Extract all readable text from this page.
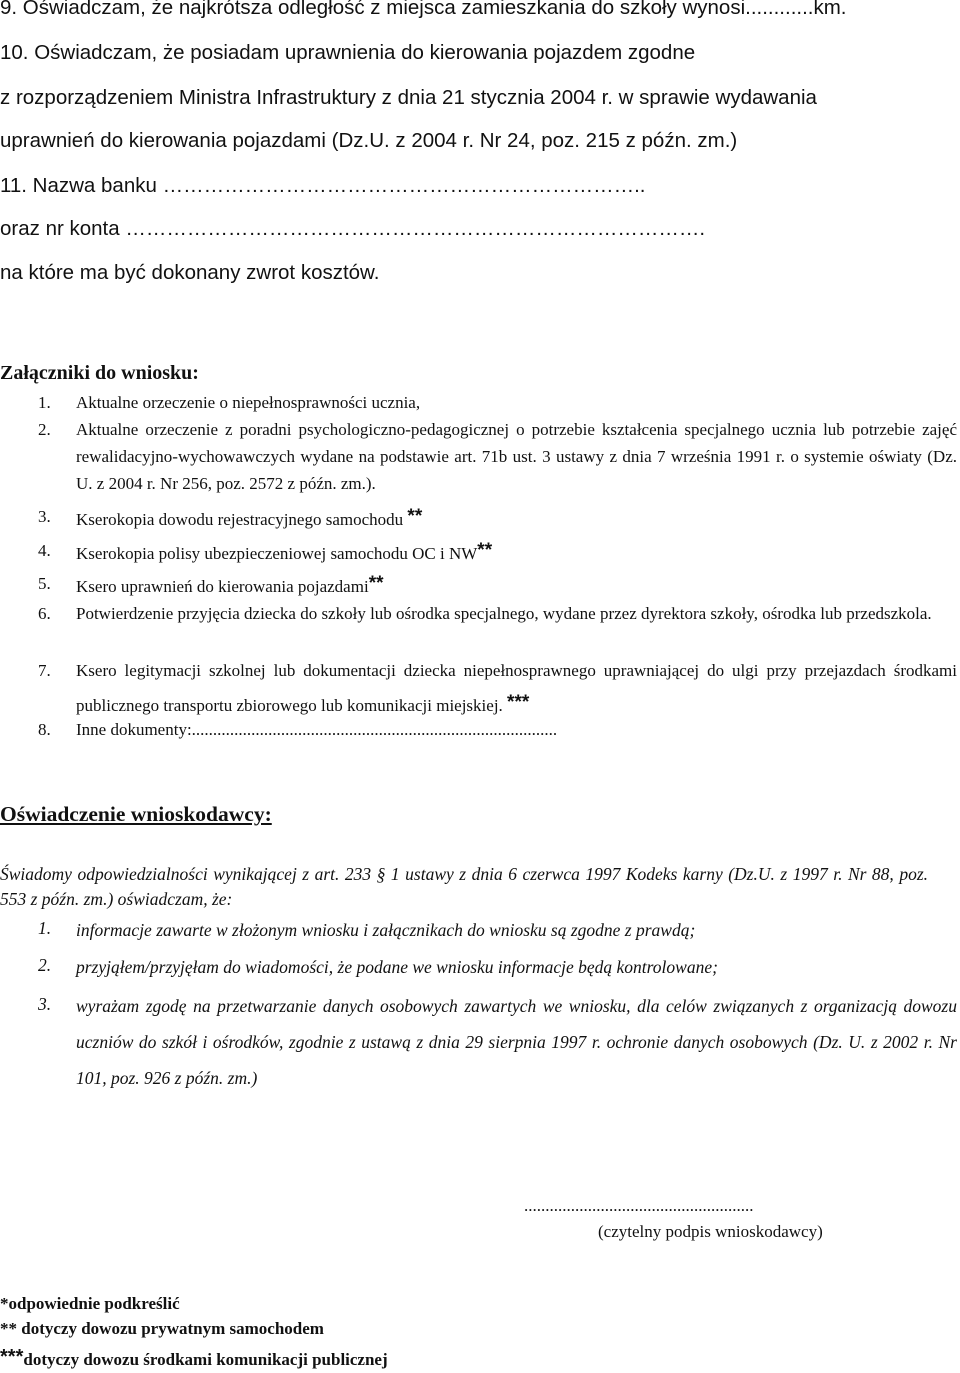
9. Oświadczam, że najkrótsza odległość z miejsca zamieszkania do szkoły wynosi............km.
10. Oświadczam, że posiadam uprawnienia do kierowania pojazdem zgodne
z rozporządzeniem Ministra Infrastruktury z dnia 21 stycznia 2004 r. w sprawie wydawania
uprawnień do kierowania pojazdami (Dz.U. z 2004 r. Nr 24, poz. 215 z późn. zm.)
11. Nazwa banku ……………………………………………………………..
oraz nr konta ………………………………………………………………………….
na które ma być dokonany zwrot kosztów.
Załączniki do wniosku:
1. Aktualne orzeczenie o niepełnosprawności ucznia,
2. Aktualne orzeczenie z poradni psychologiczno-pedagogicznej o potrzebie kształcenia specjalnego ucznia lub potrzebie zajęć rewalidacyjno-wychowawczych wydane na podstawie art. 71b ust. 3 ustawy z dnia 7 września 1991 r. o systemie oświaty (Dz. U. z 2004 r. Nr 256, poz. 2572 z późn. zm.).
3. Kserokopia dowodu rejestracyjnego samochodu **
4. Kserokopia polisy ubezpieczeniowej samochodu OC i NW**
5. Ksero uprawnień do kierowania pojazdami**
6. Potwierdzenie przyjęcia dziecka do szkoły lub ośrodka specjalnego, wydane przez dyrektora szkoły, ośrodka lub przedszkola.
7. Ksero legitymacji szkolnej lub dokumentacji dziecka niepełnosprawnego uprawniającej do ulgi przy przejazdach środkami publicznego transportu zbiorowego lub komunikacji miejskiej. ***
8. Inne dokumenty:......................................................................................
Oświadczenie wnioskodawcy:
Świadomy odpowiedzialności wynikającej z art. 233 § 1 ustawy z dnia 6 czerwca 1997 Kodeks karny (Dz.U. z 1997 r. Nr 88, poz. 553 z późn. zm.) oświadczam, że:
1. informacje zawarte w złożonym wniosku i załącznikach do wniosku są zgodne z prawdą;
2. przyjąłem/przyjęłam do wiadomości, że podane we wniosku informacje będą kontrolowane;
3. wyrażam zgodę na przetwarzanie danych osobowych zawartych we wniosku, dla celów związanych z organizacją dowozu uczniów do szkół i ośrodków, zgodnie z ustawą z dnia 29 sierpnia 1997 r. ochronie danych osobowych (Dz. U. z 2002 r. Nr 101, poz. 926 z późn. zm.)
......................................................
(czytelny podpis wnioskodawcy)
*odpowiednie podkreślić
** dotyczy dowozu prywatnym samochodem
***dotyczy dowozu środkami komunikacji publicznej
